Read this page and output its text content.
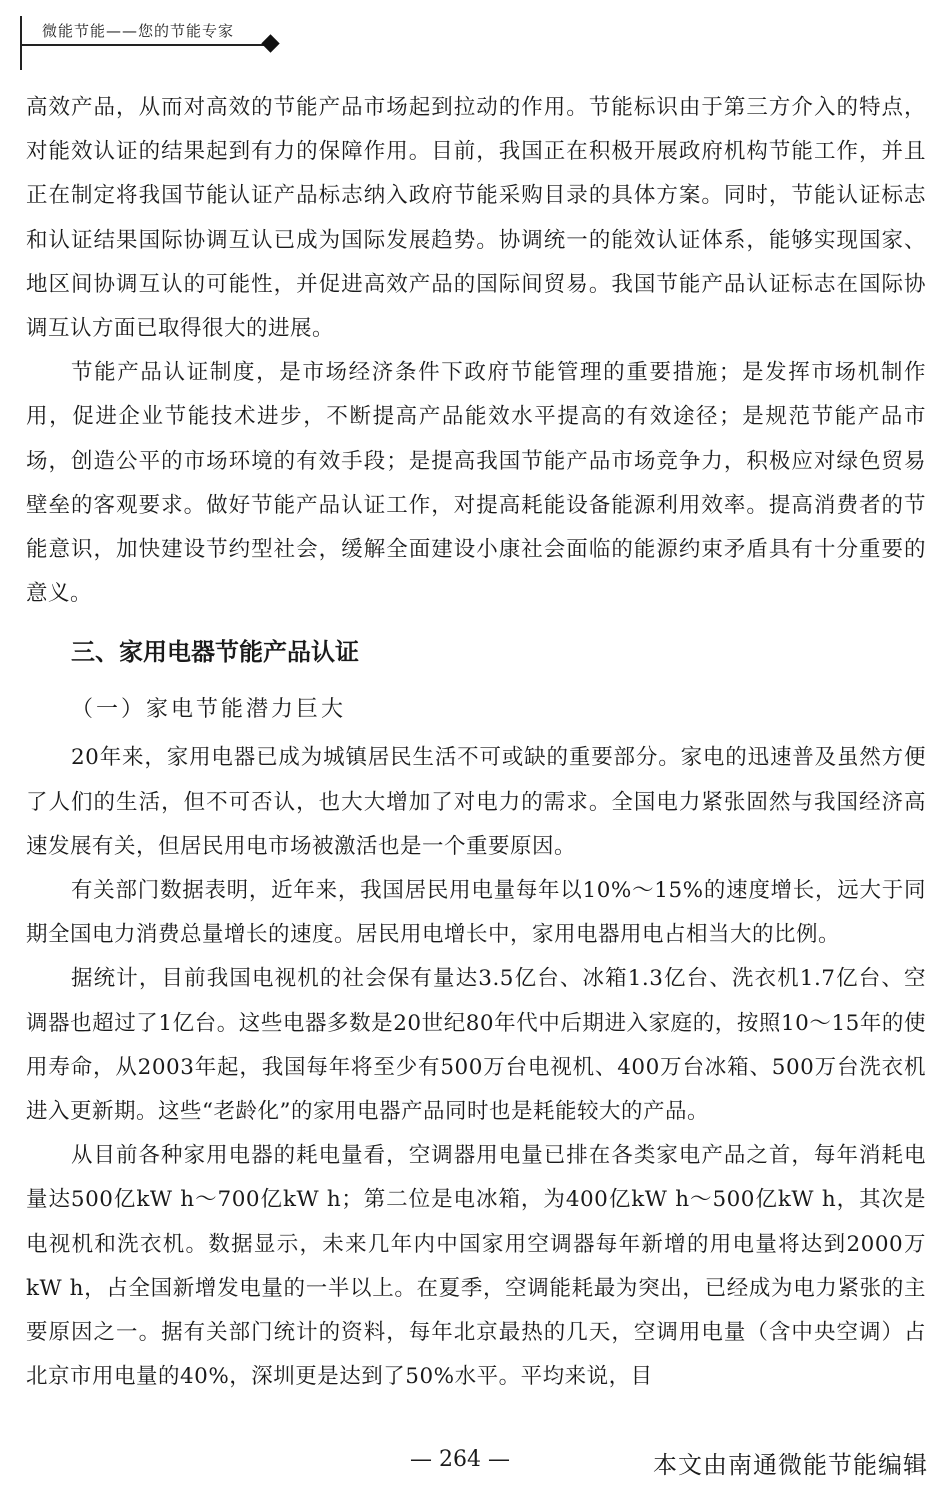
微能节能——您的节能专家

高效产品，从而对高效的节能产品市场起到拉动的作用。节能标识由于第三方介入的特点，对能效认证的结果起到有力的保障作用。目前，我国正在积极开展政府机构节能工作，并且正在制定将我国节能认证产品标志纳入政府节能采购目录的具体方案。同时，节能认证标志和认证结果国际协调互认已成为国际发展趋势。协调统一的能效认证体系，能够实现国家、地区间协调互认的可能性，并促进高效产品的国际间贸易。我国节能产品认证标志在国际协调互认方面已取得很大的进展。

节能产品认证制度，是市场经济条件下政府节能管理的重要措施；是发挥市场机制作用，促进企业节能技术进步，不断提高产品能效水平提高的有效途径；是规范节能产品市场，创造公平的市场环境的有效手段；是提高我国节能产品市场竞争力，积极应对绿色贸易壁垒的客观要求。做好节能产品认证工作，对提高耗能设备能源利用效率。提高消费者的节能意识，加快建设节约型社会，缓解全面建设小康社会面临的能源约束矛盾具有十分重要的意义。

三、家用电器节能产品认证
（一）家电节能潜力巨大

20年来，家用电器已成为城镇居民生活不可或缺的重要部分。家电的迅速普及虽然方便了人们的生活，但不可否认，也大大增加了对电力的需求。全国电力紧张固然与我国经济高速发展有关，但居民用电市场被激活也是一个重要原因。

有关部门数据表明，近年来，我国居民用电量每年以10%～15%的速度增长，远大于同期全国电力消费总量增长的速度。居民用电增长中，家用电器用电占相当大的比例。

据统计，目前我国电视机的社会保有量达3.5亿台、冰箱1.3亿台、洗衣机1.7亿台、空调器也超过了1亿台。这些电器多数是20世纪80年代中后期进入家庭的，按照10～15年的使用寿命，从2003年起，我国每年将至少有500万台电视机、400万台冰箱、500万台洗衣机进入更新期。这些“老龄化”的家用电器产品同时也是耗能较大的产品。

从目前各种家用电器的耗电量看，空调器用电量已排在各类家电产品之首，每年消耗电量达500亿kW h～700亿kW h；第二位是电冰箱，为400亿kW h～500亿kW h，其次是电视机和洗衣机。数据显示，未来几年内中国家用空调器每年新增的用电量将达到2000万kW h，占全国新增发电量的一半以上。在夏季，空调能耗最为突出，已经成为电力紧张的主要原因之一。据有关部门统计的资料，每年北京最热的几天，空调用电量（含中央空调）占北京市用电量的40%，深圳更是达到了50%水平。平均来说，目

— 264 —	本文由南通微能节能编辑
